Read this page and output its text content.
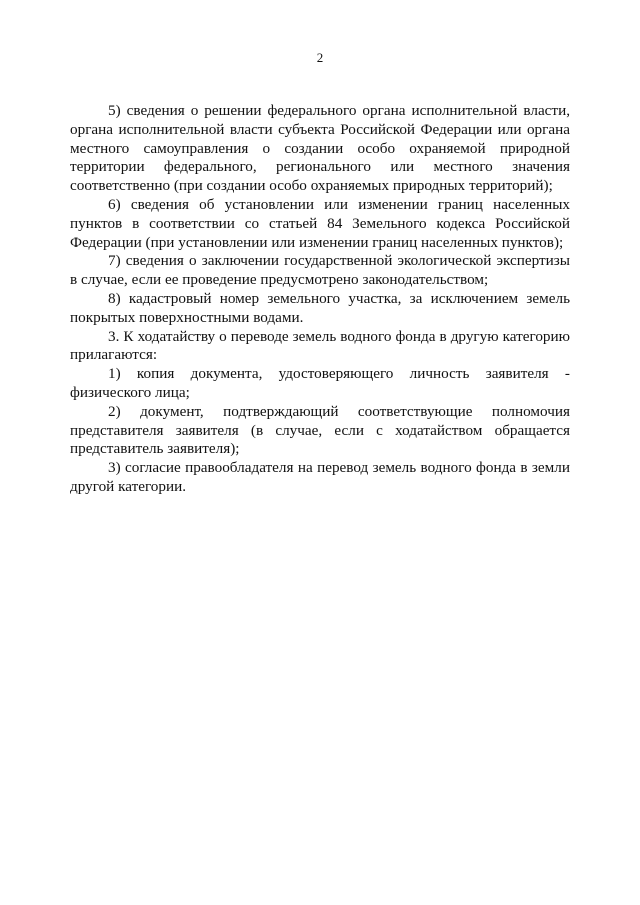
2

5) сведения о решении федерального органа исполнительной власти, органа исполнительной власти субъекта Российской Федерации или органа местного самоуправления о создании особо охраняемой природной территории федерального, регионального или местного значения соответственно (при создании особо охраняемых природных территорий);

6) сведения об установлении или изменении границ населенных пунктов в соответствии со статьей 84 Земельного кодекса Российской Федерации (при установлении или изменении границ населенных пунктов);

7) сведения о заключении государственной экологической экспертизы в случае, если ее проведение предусмотрено законодательством;

8) кадастровый номер земельного участка, за исключением земель покрытых поверхностными водами.

3. К ходатайству о переводе земель водного фонда в другую категорию прилагаются:

1) копия документа, удостоверяющего личность заявителя - физического лица;

2) документ, подтверждающий соответствующие полномочия представителя заявителя (в случае, если с ходатайством обращается представитель заявителя);

3) согласие правообладателя на перевод земель водного фонда в земли другой категории.
